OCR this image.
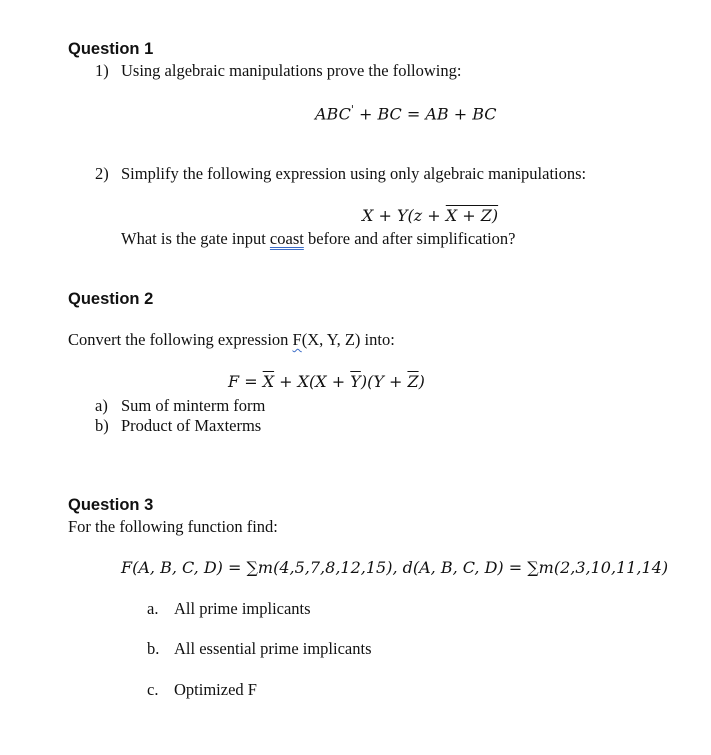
Question 1
1) Using algebraic manipulations prove the following:
ABC' + BC = AB + BC
2) Simplify the following expression using only algebraic manipulations:
X + Y(z + X + Z)
What is the gate input coast before and after simplification?
Question 2
Convert the following expression F(X, Y, Z) into:
$F = \overline{X} + X(X + \overline{Y})(Y + \overline{Z})$
a) Sum of minterm form
b) Product of Maxterms
Question 3
For the following function find:
F(A, B, C, D) = ∑m(4,5,7,8,12,15), d(A, B, C, D) = ∑m(2,3,10,11,14)
a. All prime implicants
b. All essential prime implicants
c. Optimized F
